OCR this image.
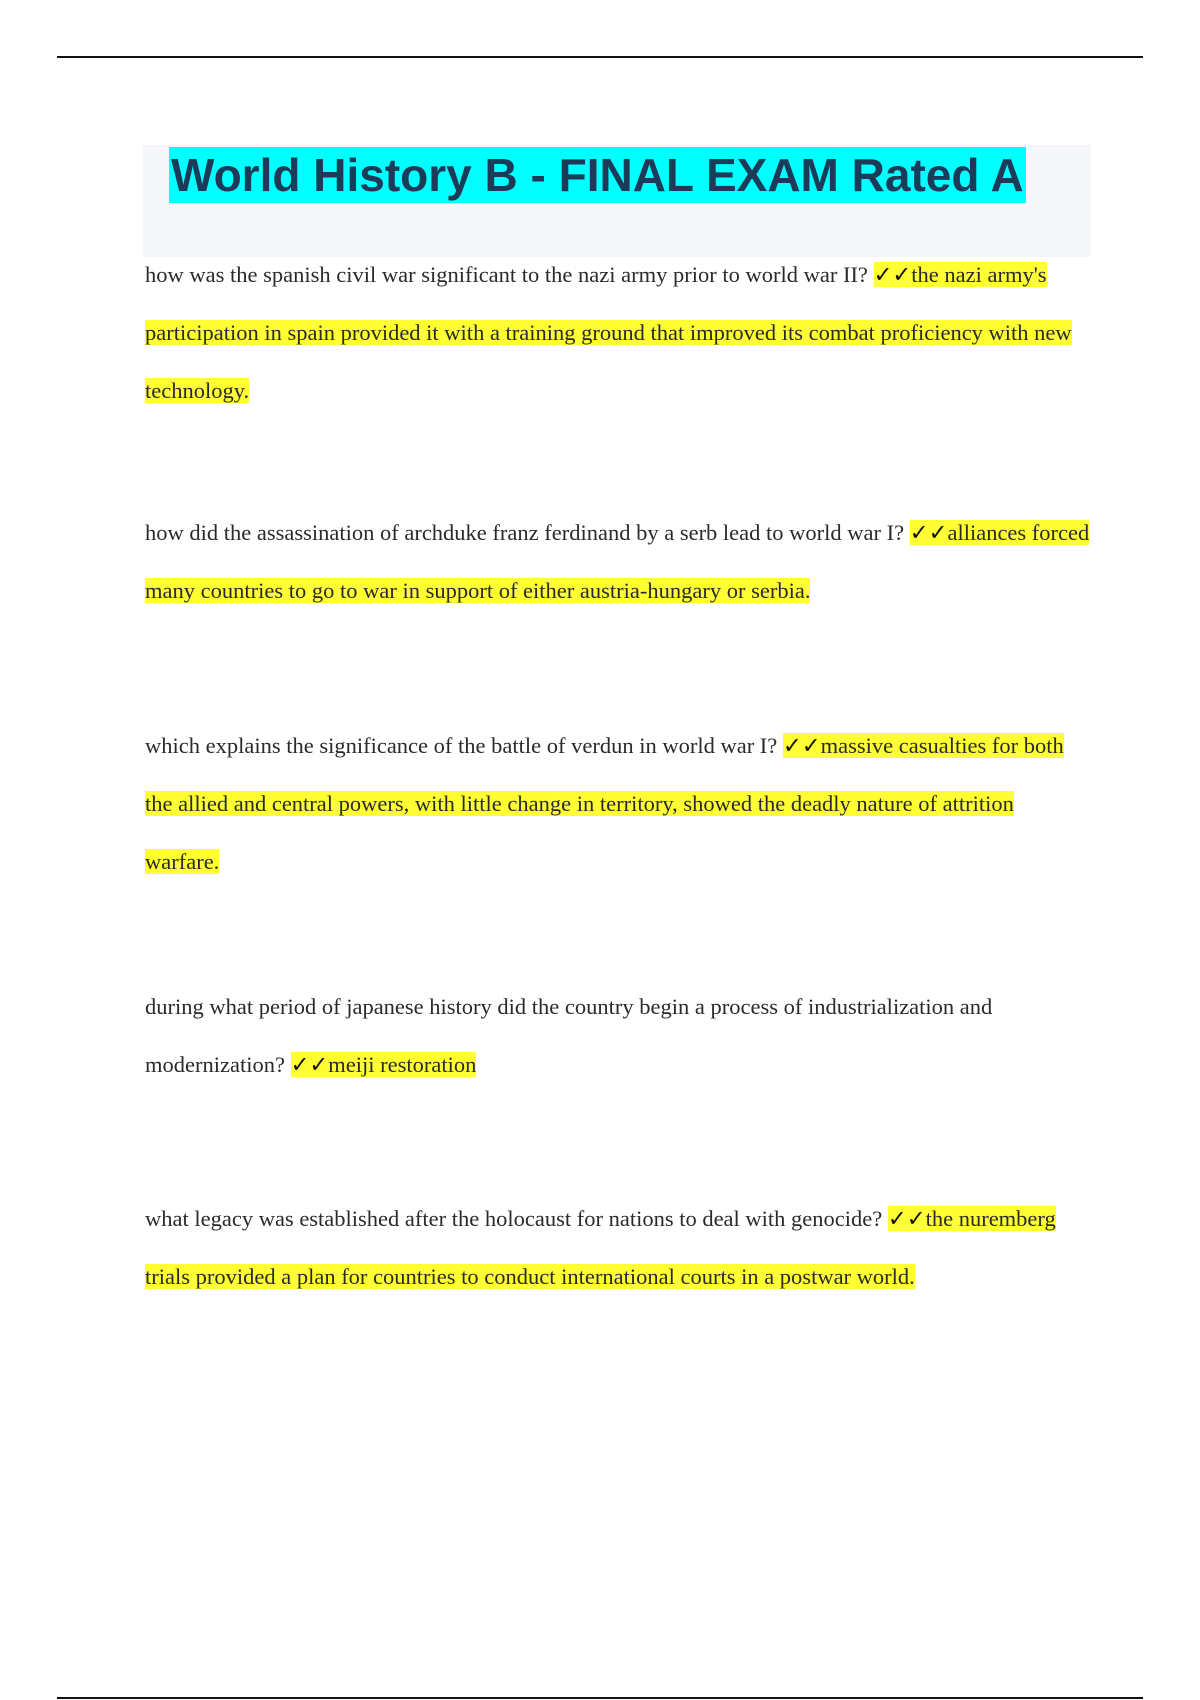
World History B - FINAL EXAM Rated A

how was the spanish civil war significant to the nazi army prior to world war II? ✓✓the nazi army's participation in spain provided it with a training ground that improved its combat proficiency with new technology.

how did the assassination of archduke franz ferdinand by a serb lead to world war I? ✓✓alliances forced many countries to go to war in support of either austria-hungary or serbia.

which explains the significance of the battle of verdun in world war I? ✓✓massive casualties for both the allied and central powers, with little change in territory, showed the deadly nature of attrition warfare.

during what period of japanese history did the country begin a process of industrialization and modernization? ✓✓meiji restoration

what legacy was established after the holocaust for nations to deal with genocide? ✓✓the nuremberg trials provided a plan for countries to conduct international courts in a postwar world.
